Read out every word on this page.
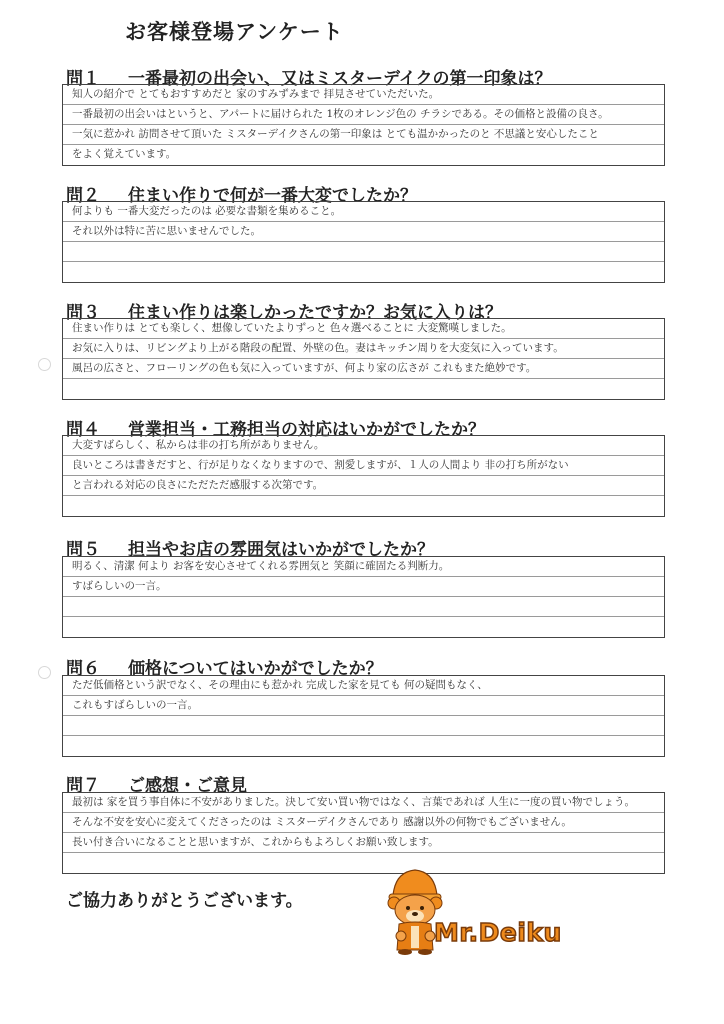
お客様登場アンケート
問１ 一番最初の出会い、又はミスターデイクの第一印象は？
知人の紹介で とてもおすすめだと 家のすみずみまで 拝見させていただいた。
一番最初の出会いはというと、アパートに届けられた 1枚のオレンジ色の チラシである。その価格と設備の良さ。
一気に惹かれ 訪問させて頂いた ミスターデイクさんの第一印象は とても温かかったのと 不思議と安心したこと
をよく覚えています。
問２ 住まい作りで何が一番大変でしたか？
何よりも 一番大変だったのは 必要な書類を集めること。
それ以外は特に苦に思いませんでした。
問３ 住まい作りは楽しかったですか？お気に入りは？
住まい作りは とても楽しく、想像していたよりずっと 色々選べることに 大変驚嘆しました。
お気に入りは、リビングより上がる階段の配置、外壁の色。妻はキッチン周りを大変気に入っています。
風呂の広さと、フローリングの色も気に入っていますが、何より家の広さが これもまた絶妙です。
問４ 営業担当・工務担当の対応はいかがでしたか？
大変すばらしく、私からは非の打ち所がありません。
良いところは書きだすと、行が足りなくなりますので、割愛しますが、１人の人間より 非の打ち所がない
と言われる対応の良さにただただ感服する次第です。
問５ 担当やお店の雰囲気はいかがでしたか？
明るく、清潔 何より お客を安心させてくれる雰囲気と 笑顔に確固たる判断力。
すばらしいの一言。
問６ 価格についてはいかがでしたか？
ただ低価格という訳でなく、その理由にも惹かれ 完成した家を見ても 何の疑問もなく、
これもすばらしいの一言。
問７ ご感想・ご意見
最初は 家を買う事自体に不安がありました。決して安い買い物ではなく、言葉であれば 人生に一度の買い物でしょう。
そんな不安を安心に変えてくださったのは ミスターデイクさんであり 感謝以外の何物でもございません。
長い付き合いになることと思いますが、これからもよろしくお願い致します。
ご協力ありがとうございます。
Mr.Deiku
